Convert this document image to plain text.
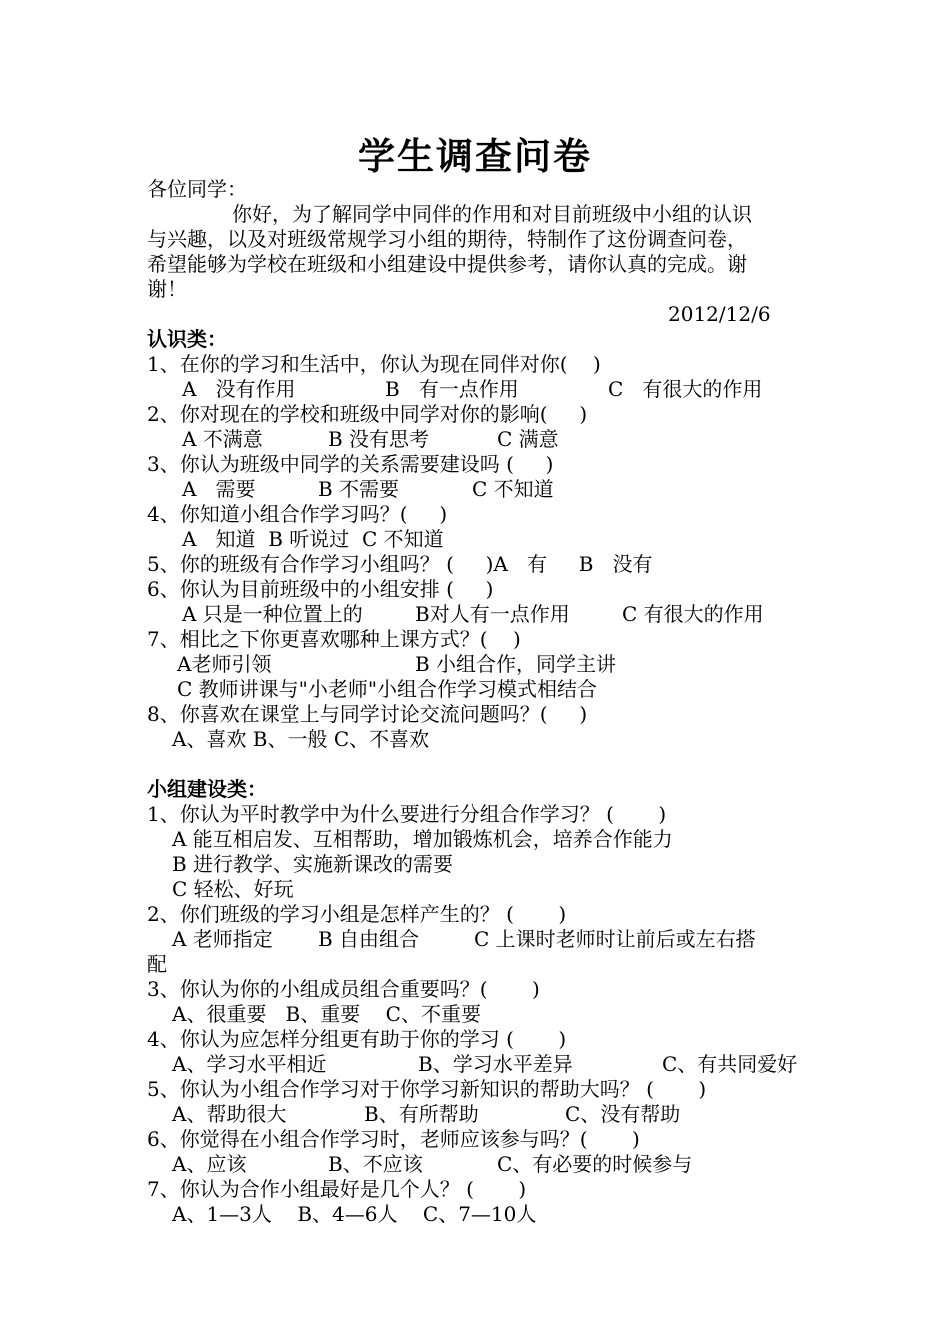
学生调查问卷

各位同学：

你好，为了解同学中同伴的作用和对目前班级中小组的认识

与兴趣，以及对班级常规学习小组的期待，特制作了这份调查问卷，

希望能够为学校在班级和小组建设中提供参考，请你认真的完成。谢

谢！

2012/12/6

认识类：

1、在你的学习和生活中，你认为现在同伴对你(    )

A   没有作用	B   有一点作用	C   有很大的作用

2、你对现在的学校和班级中同学对你的影响(     )

A 不满意	B 没有思考	C 满意

3、你认为班级中同学的关系需要建设吗 (     )

A   需要	B 不需要	C 不知道

4、你知道小组合作学习吗？(     )

A   知道  B 听说过  C 不知道

5、你的班级有合作学习小组吗？ (     )A   有     B   没有

6、你认为目前班级中的小组安排 (     )

A 只是一种位置上的	B对人有一点作用	C 有很大的作用

7、相比之下你更喜欢哪种上课方式？(    )

A老师引领	B 小组合作，同学主讲

C 教师讲课与"小老师"小组合作学习模式相结合

8、你喜欢在课堂上与同学讨论交流问题吗？(     )

A、喜欢 B、一般 C、不喜欢

小组建设类：

1、你认为平时教学中为什么要进行分组合作学习？ (       )

A 能互相启发、互相帮助，增加锻炼机会，培养合作能力

B 进行教学、实施新课改的需要

C 轻松、好玩

2、你们班级的学习小组是怎样产生的？ (       )

A 老师指定 B 自由组合	C 上课时老师时让前后或左右搭

配

3、你认为你的小组成员组合重要吗？(       )

A、很重要   B、重要    C、不重要

4、你认为应怎样分组更有助于你的学习 (       )

A、学习水平相近	B、学习水平差异	C、有共同爱好

5、你认为小组合作学习对于你学习新知识的帮助大吗？ (       )

A、帮助很大	B、有所帮助	C、没有帮助

6、你觉得在小组合作学习时，老师应该参与吗？(       )

A、应该	B、不应该	C、有必要的时候参与

7、你认为合作小组最好是几个人？ (       )

A、1—3人    B、4—6人    C、7—10人
